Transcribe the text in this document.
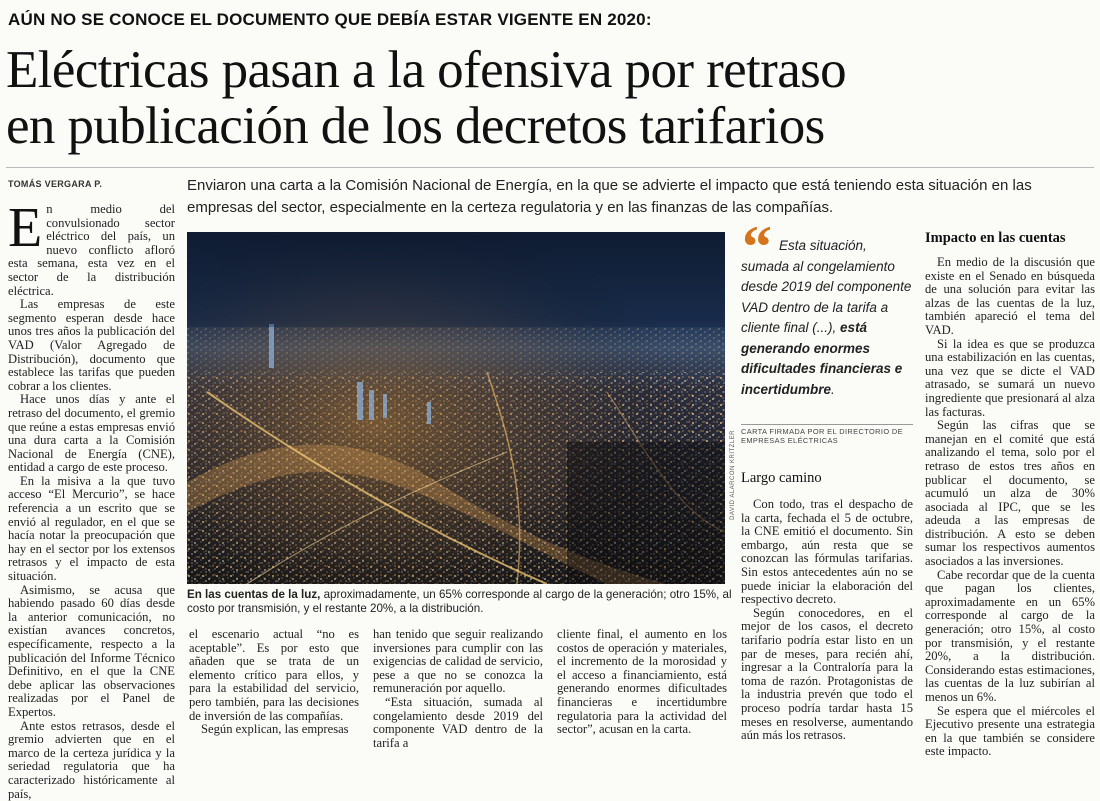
AÚN NO SE CONOCE EL DOCUMENTO QUE DEBÍA ESTAR VIGENTE EN 2020:
Eléctricas pasan a la ofensiva por retraso
en publicación de los decretos tarifarios
TOMÁS VERGARA P.	Enviaron una carta a la Comisión Nacional de Energía, en la que se advierte el impacto que está teniendo esta situación en las empresas del sector, especialmente en la certeza regulatoria y en las finanzas de las compañías.

En medio del convulsionado sector eléctrico del país, un nuevo conflicto afloró esta semana, esta vez en el sector de la distribución eléctrica.

Las empresas de este segmento esperan desde hace unos tres años la publicación del VAD (Valor Agregado de Distribución), documento que establece las tarifas que pueden cobrar a los clientes.

Hace unos días y ante el retraso del documento, el gremio que reúne a estas empresas envió una dura carta a la Comisión Nacional de Energía (CNE), entidad a cargo de este proceso.

En la misiva a la que tuvo acceso “El Mercurio”, se hace referencia a un escrito que se envió al regulador, en el que se hacía notar la preocupación que hay en el sector por los extensos retrasos y el impacto de esta situación.

Asimismo, se acusa que habiendo pasado 60 días desde la anterior comunicación, no existían avances concretos, específicamente, respecto a la publicación del Informe Técnico Definitivo, en el que la CNE debe aplicar las observaciones realizadas por el Panel de Expertos.

Ante estos retrasos, desde el gremio advierten que en el marco de la certeza jurídica y la seriedad regulatoria que ha caracterizado históricamente al país,

DAVID ALARCÓN KRITZLER
En las cuentas de la luz, aproximadamente, un 65% corresponde al cargo de la generación; otro 15%, al costo por transmisión, y el restante 20%, a la distribución.

el escenario actual “no es aceptable”. Es por esto que añaden que se trata de un elemento crítico para ellos, y para la estabilidad del servicio, pero también, para las decisiones de inversión de las compañías.

Según explican, las empresas

han tenido que seguir realizando inversiones para cumplir con las exigencias de calidad de servicio, pese a que no se conozca la remuneración por aquello.

“Esta situación, sumada al congelamiento desde 2019 del componente VAD dentro de la tarifa a

cliente final, el aumento en los costos de operación y materiales, el incremento de la morosidad y el acceso a financiamiento, está generando enormes dificultades financieras e incertidumbre regulatoria para la actividad del sector”, acusan en la carta.

“ Esta situación, sumada al congelamiento desde 2019 del componente VAD dentro de la tarifa a cliente final (...), está generando enormes dificultades financieras e incertidumbre.
CARTA FIRMADA POR EL DIRECTORIO DE EMPRESAS ELÉCTRICAS
Largo camino

Con todo, tras el despacho de la carta, fechada el 5 de octubre, la CNE emitió el documento. Sin embargo, aún resta que se conozcan las fórmulas tarifarias. Sin estos antecedentes aún no se puede iniciar la elaboración del respectivo decreto.

Según conocedores, en el mejor de los casos, el decreto tarifario podría estar listo en un par de meses, para recién ahí, ingresar a la Contraloría para la toma de razón. Protagonistas de la industria prevén que todo el proceso podría tardar hasta 15 meses en resolverse, aumentando aún más los retrasos.

Impacto en las cuentas

En medio de la discusión que existe en el Senado en búsqueda de una solución para evitar las alzas de las cuentas de la luz, también apareció el tema del VAD.

Si la idea es que se produzca una estabilización en las cuentas, una vez que se dicte el VAD atrasado, se sumará un nuevo ingrediente que presionará al alza las facturas.

Según las cifras que se manejan en el comité que está analizando el tema, solo por el retraso de estos tres años en publicar el documento, se acumuló un alza de 30% asociada al IPC, que se les adeuda a las empresas de distribución. A esto se deben sumar los respectivos aumentos asociados a las inversiones.

Cabe recordar que de la cuenta que pagan los clientes, aproximadamente en un 65% corresponde al cargo de la generación; otro 15%, al costo por transmisión, y el restante 20%, a la distribución. Considerando estas estimaciones, las cuentas de la luz subirían al menos un 6%.

Se espera que el miércoles el Ejecutivo presente una estrategia en la que también se considere este impacto.
